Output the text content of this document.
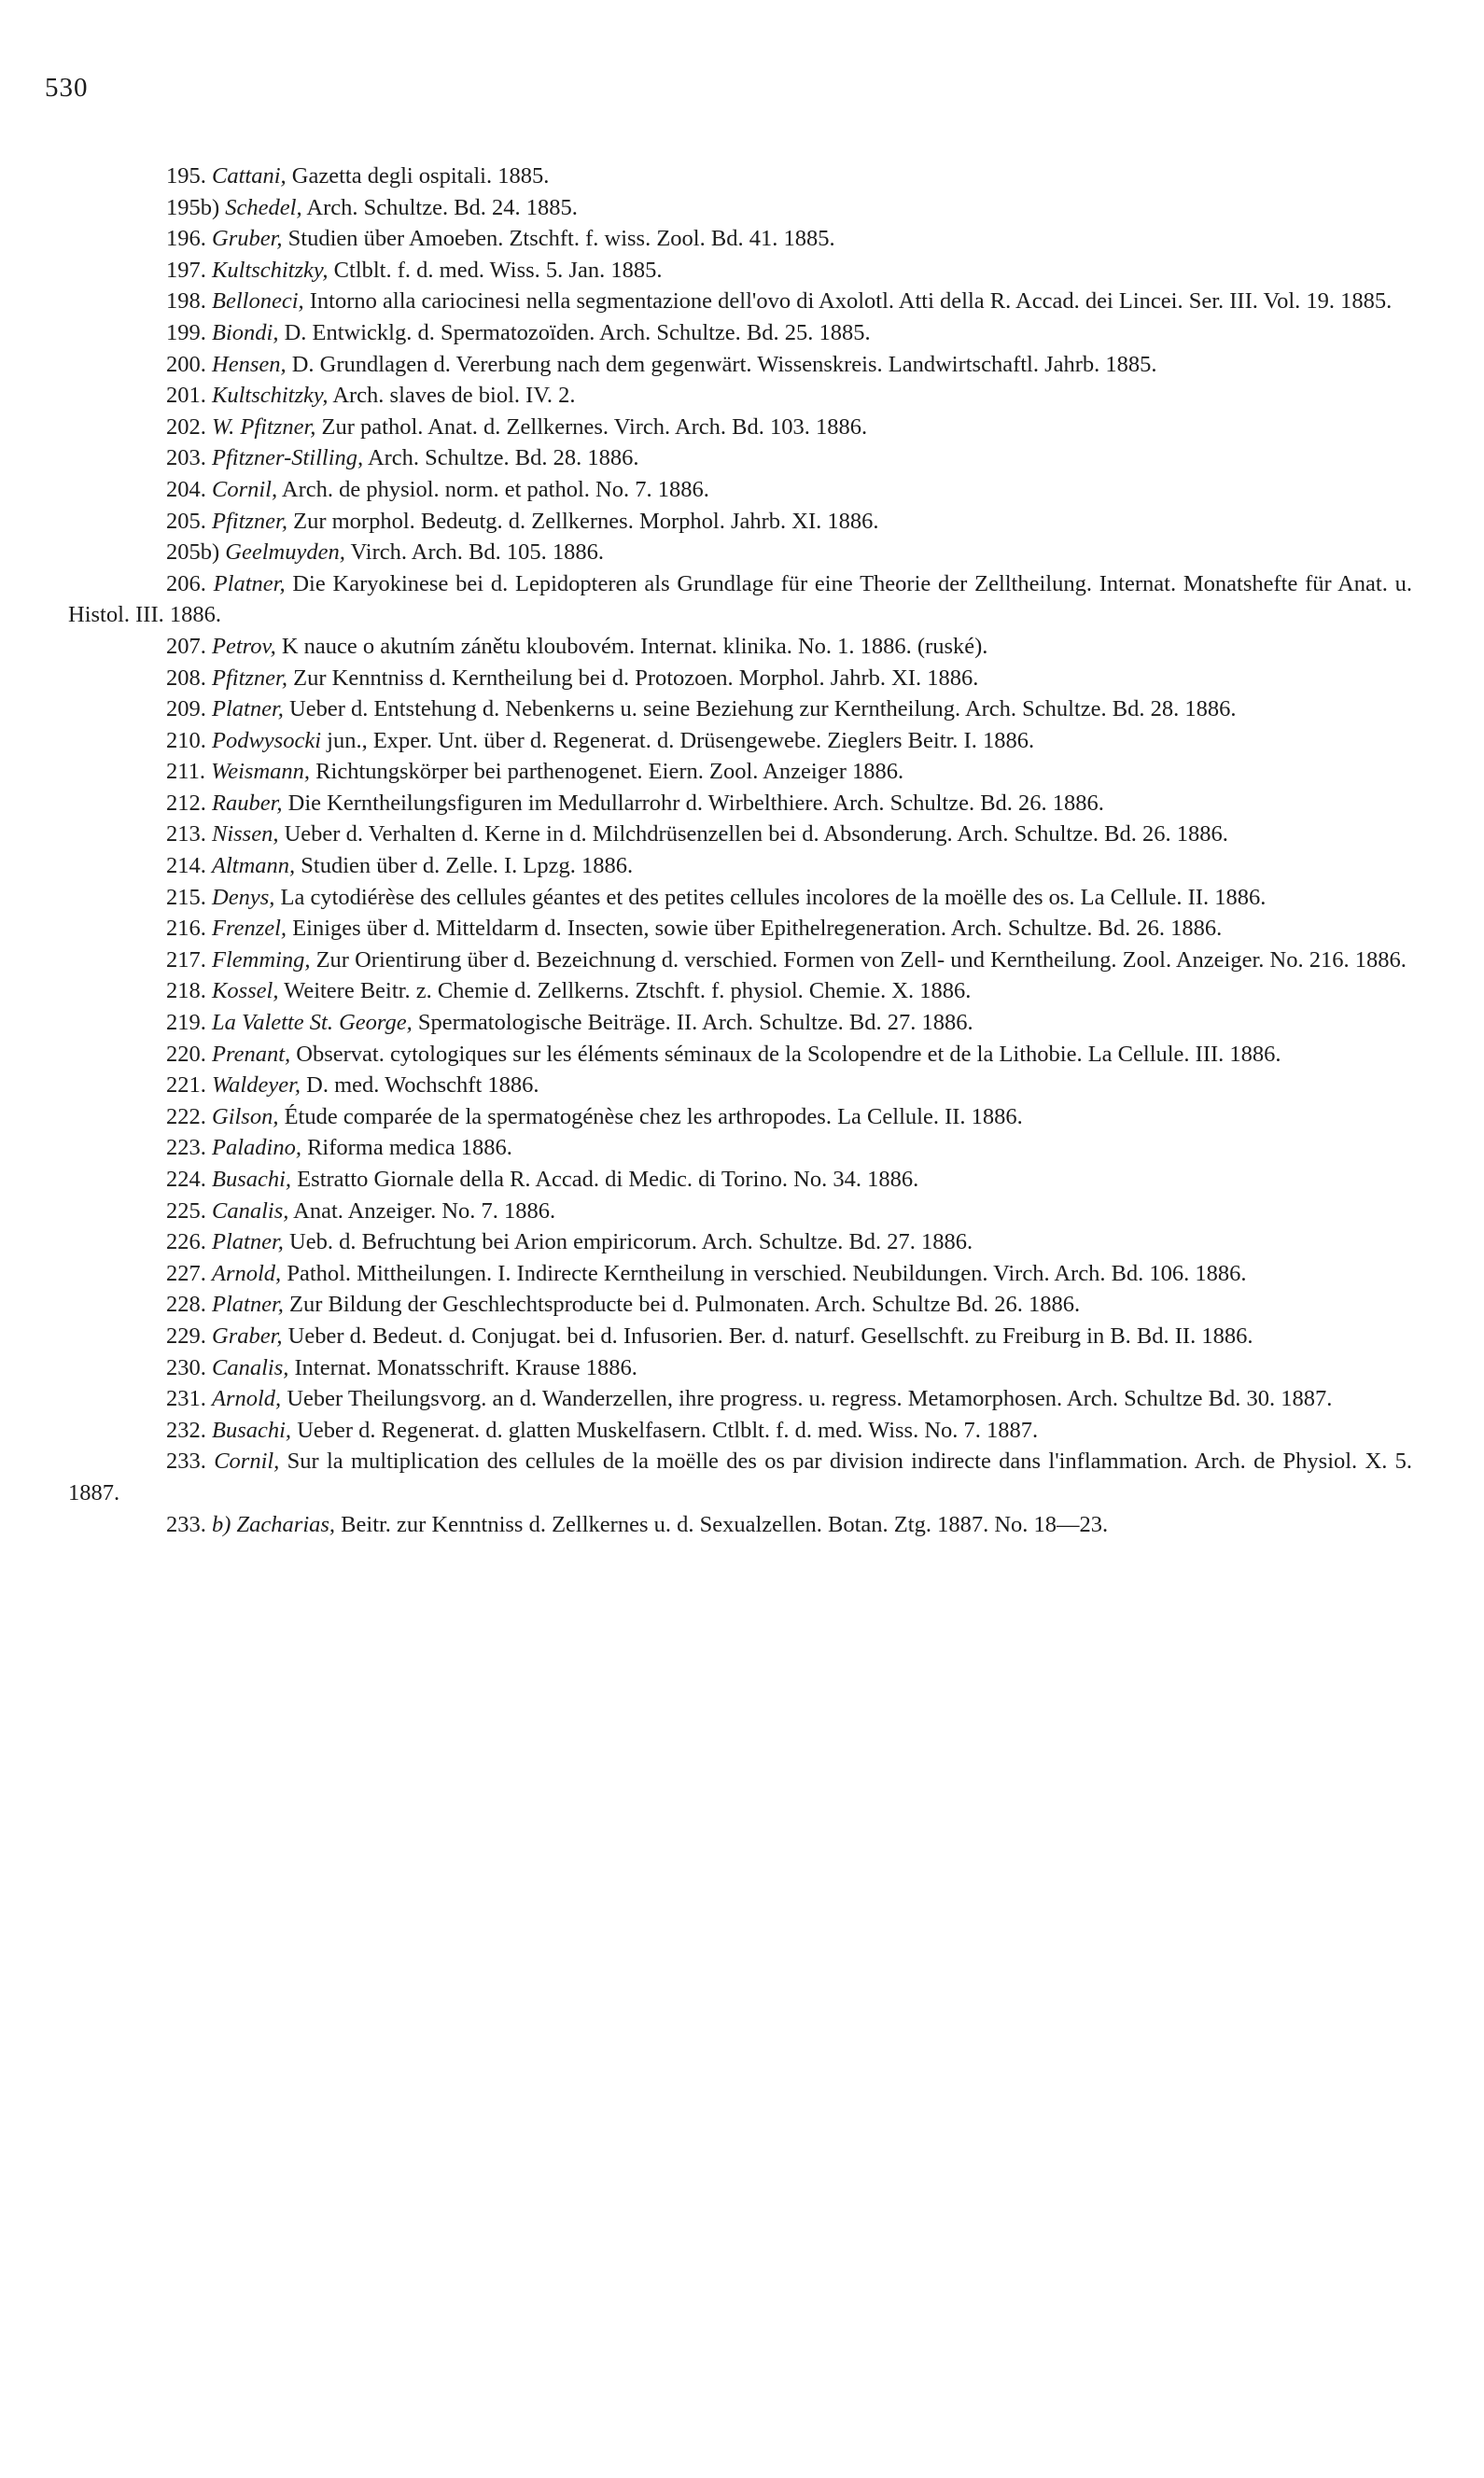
530
195. Cattani, Gazetta degli ospitali. 1885.
195b) Schedel, Arch. Schultze. Bd. 24. 1885.
196. Gruber, Studien über Amoeben. Ztschft. f. wiss. Zool. Bd. 41. 1885.
197. Kultschitzky, Ctlblt. f. d. med. Wiss. 5. Jan. 1885.
198. Belloneci, Intorno alla cariocinesi nella segmentazione dell'ovo di Axolotl. Atti della R. Accad. dei Lincei. Ser. III. Vol. 19. 1885.
199. Biondi, D. Entwicklg. d. Spermatozoïden. Arch. Schultze. Bd. 25. 1885.
200. Hensen, D. Grundlagen d. Vererbung nach dem gegenwärt. Wissenskreis. Landwirtschaftl. Jahrb. 1885.
201. Kultschitzky, Arch. slaves de biol. IV. 2.
202. W. Pfitzner, Zur pathol. Anat. d. Zellkernes. Virch. Arch. Bd. 103. 1886.
203. Pfitzner-Stilling, Arch. Schultze. Bd. 28. 1886.
204. Cornil, Arch. de physiol. norm. et pathol. No. 7. 1886.
205. Pfitzner, Zur morphol. Bedeutg. d. Zellkernes. Morphol. Jahrb. XI. 1886.
205b) Geelmuyden, Virch. Arch. Bd. 105. 1886.
206. Platner, Die Karyokinese bei d. Lepidopteren als Grundlage für eine Theorie der Zelltheilung. Internat. Monatshefte für Anat. u. Histol. III. 1886.
207. Petrov, K nauce o akutním zánětu kloubovém. Internat. klinika. No. 1. 1886. (ruské).
208. Pfitzner, Zur Kenntniss d. Kerntheilung bei d. Protozoen. Morphol. Jahrb. XI. 1886.
209. Platner, Ueber d. Entstehung d. Nebenkerns u. seine Beziehung zur Kerntheilung. Arch. Schultze. Bd. 28. 1886.
210. Podwysocki jun., Exper. Unt. über d. Regenerat. d. Drüsengewebe. Zieglers Beitr. I. 1886.
211. Weismann, Richtungskörper bei parthenogenet. Eiern. Zool. Anzeiger 1886.
212. Rauber, Die Kerntheilungsfiguren im Medullarrohr d. Wirbelthiere. Arch. Schultze. Bd. 26. 1886.
213. Nissen, Ueber d. Verhalten d. Kerne in d. Milchdrüsenzellen bei d. Absonderung. Arch. Schultze. Bd. 26. 1886.
214. Altmann, Studien über d. Zelle. I. Lpzg. 1886.
215. Denys, La cytodiérèse des cellules géantes et des petites cellules incolores de la moëlle des os. La Cellule. II. 1886.
216. Frenzel, Einiges über d. Mitteldarm d. Insecten, sowie über Epithelregeneration. Arch. Schultze. Bd. 26. 1886.
217. Flemming, Zur Orientirung über d. Bezeichnung d. verschied. Formen von Zell- und Kerntheilung. Zool. Anzeiger. No. 216. 1886.
218. Kossel, Weitere Beitr. z. Chemie d. Zellkerns. Ztschft. f. physiol. Chemie. X. 1886.
219. La Valette St. George, Spermatologische Beiträge. II. Arch. Schultze. Bd. 27. 1886.
220. Prenant, Observat. cytologiques sur les éléments séminaux de la Scolopendre et de la Lithobie. La Cellule. III. 1886.
221. Waldeyer, D. med. Wochschft 1886.
222. Gilson, Étude comparée de la spermatogénèse chez les arthropodes. La Cellule. II. 1886.
223. Paladino, Riforma medica 1886.
224. Busachi, Estratto Giornale della R. Accad. di Medic. di Torino. No. 34. 1886.
225. Canalis, Anat. Anzeiger. No. 7. 1886.
226. Platner, Ueb. d. Befruchtung bei Arion empiricorum. Arch. Schultze. Bd. 27. 1886.
227. Arnold, Pathol. Mittheilungen. I. Indirecte Kerntheilung in verschied. Neubildungen. Virch. Arch. Bd. 106. 1886.
228. Platner, Zur Bildung der Geschlechtsproducte bei d. Pulmonaten. Arch. Schultze Bd. 26. 1886.
229. Graber, Ueber d. Bedeut. d. Conjugat. bei d. Infusorien. Ber. d. naturf. Gesellschft. zu Freiburg in B. Bd. II. 1886.
230. Canalis, Internat. Monatsschrift. Krause 1886.
231. Arnold, Ueber Theilungsvorg. an d. Wanderzellen, ihre progress. u. regress. Metamorphosen. Arch. Schultze Bd. 30. 1887.
232. Busachi, Ueber d. Regenerat. d. glatten Muskelfasern. Ctlblt. f. d. med. Wiss. No. 7. 1887.
233. Cornil, Sur la multiplication des cellules de la moëlle des os par division indirecte dans l'inflammation. Arch. de Physiol. X. 5. 1887.
233. b) Zacharias, Beitr. zur Kenntniss d. Zellkernes u. d. Sexualzellen. Botan. Ztg. 1887. No. 18—23.
